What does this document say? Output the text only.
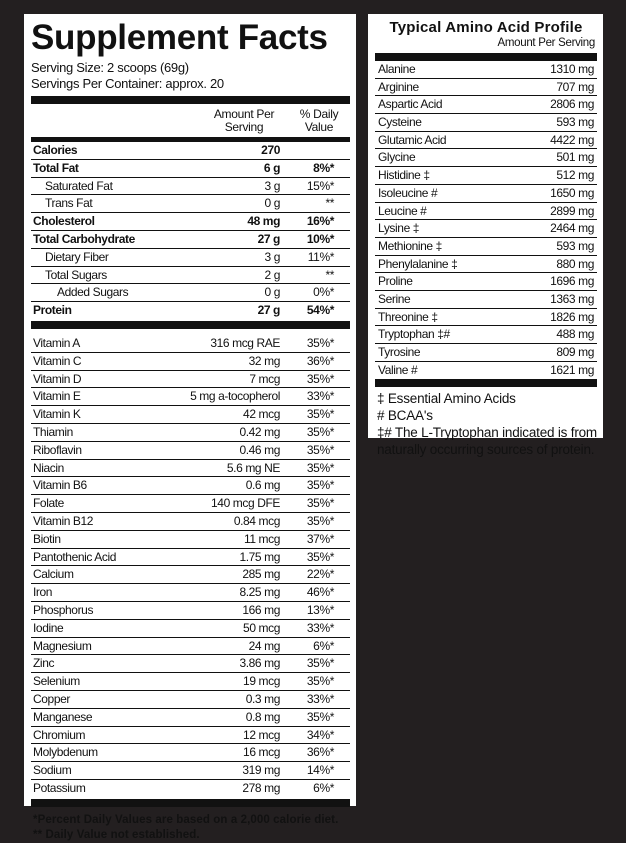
Supplement Facts
Serving Size: 2 scoops (69g)
Servings Per Container: approx. 20
Amount Per Serving
% Daily Value
Calories	270
Total Fat	6 g	8%*
Saturated Fat	3 g 15%*
Trans Fat	0 g	**
Cholesterol	48 mg 16%*
Total Carbohydrate	27 g 10%*
Dietary Fiber	3 g 11%*
Total Sugars	2 g	**
Added Sugars	0 g	0%*
Protein	27 g 54%*
Vitamin A	316 mcg RAE 35%*
Vitamin C	32 mg 36%*
Vitamin D	7 mcg 35%*
Vitamin E	5 mg a-tocopherol 33%*
Vitamin K	42 mcg 35%*
Thiamin	0.42 mg 35%*
Riboflavin	0.46 mg 35%*
Niacin	5.6 mg NE 35%*
Vitamin B6	0.6 mg 35%*
Folate	140 mcg DFE 35%*
Vitamin B12	0.84 mcg 35%*
Biotin	11 mcg 37%*
Pantothenic Acid	1.75 mg 35%*
Calcium	285 mg 22%*
Iron	8.25 mg 46%*
Phosphorus	166 mg 13%*
Iodine	50 mcg 33%*
Magnesium	24 mg	6%*
Zinc	3.86 mg 35%*
Selenium	19 mcg 35%*
Copper	0.3 mg 33%*
Manganese	0.8 mg 35%*
Chromium	12 mcg 34%*
Molybdenum	16 mcg 36%*
Sodium	319 mg 14%*
Potassium	278 mg	6%*
*Percent Daily Values are based on a 2,000 calorie diet.
** Daily Value not established.
Typical Amino Acid Profile
Amount Per Serving
Alanine	1310 mg
Arginine	707 mg
Aspartic Acid	2806 mg
Cysteine	593 mg
Glutamic Acid	4422 mg
Glycine	501 mg
Histidine ‡	512 mg
Isoleucine #	1650 mg
Leucine #	2899 mg
Lysine ‡	2464 mg
Methionine ‡	593 mg
Phenylalanine ‡	880 mg
Proline	1696 mg
Serine	1363 mg
Threonine ‡	1826 mg
Tryptophan ‡#	488 mg
Tyrosine	809 mg
Valine #	1621 mg
‡ Essential Amino Acids
# BCAA's
‡# The L-Tryptophan indicated is from naturally occurring sources of protein.
